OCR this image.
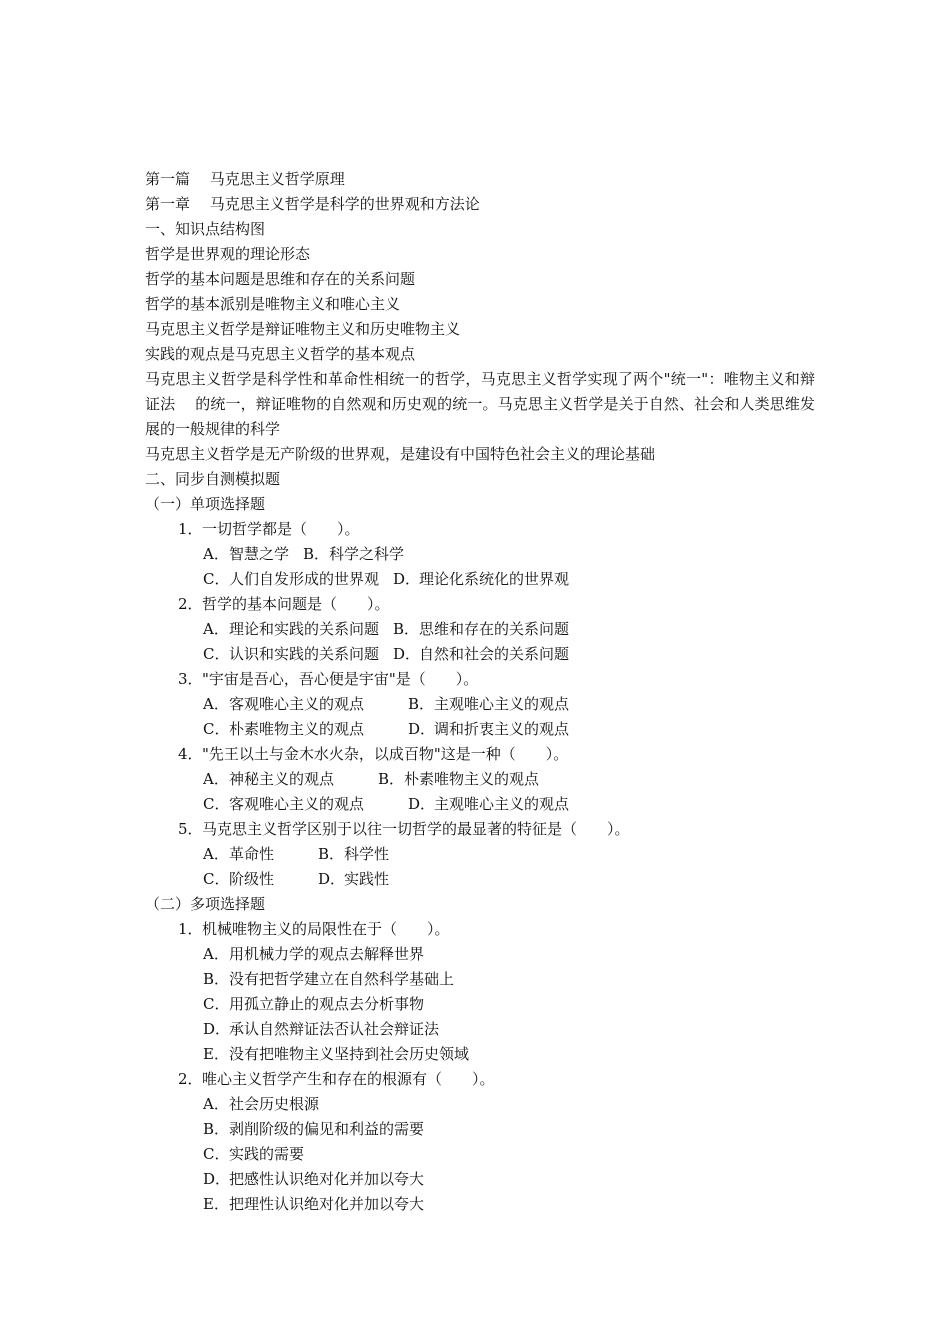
第一篇　 马克思主义哲学原理

第一章　 马克思主义哲学是科学的世界观和方法论

一、知识点结构图

哲学是世界观的理论形态

哲学的基本问题是思维和存在的关系问题

哲学的基本派别是唯物主义和唯心主义

马克思主义哲学是辩证唯物主义和历史唯物主义

实践的观点是马克思主义哲学的基本观点

马克思主义哲学是科学性和革命性相统一的哲学，马克思主义哲学实现了两个"统一"：唯物主义和辩证法　 的统一，辩证唯物的自然观和历史观的统一。马克思主义哲学是关于自然、社会和人类思维发展的一般规律的科学

马克思主义哲学是无产阶级的世界观，是建设有中国特色社会主义的理论基础

二、同步自测模拟题

（一）单项选择题

1．一切哲学都是（　　）。

A．智慧之学 B．科学之科学

C．人们自发形成的世界观 D．理论化系统化的世界观

2．哲学的基本问题是（　　）。

A．理论和实践的关系问题 B．思维和存在的关系问题

C．认识和实践的关系问题 D．自然和社会的关系问题

3．"宇宙是吾心，吾心便是宇宙"是（　　）。

A．客观唯心主义的观点　　B．主观唯心主义的观点

C．朴素唯物主义的观点　　D．调和折衷主义的观点

4．"先王以土与金木水火杂，以成百物"这是一种（　　）。

A．神秘主义的观点　　B．朴素唯物主义的观点

C．客观唯心主义的观点　　D．主观唯心主义的观点

5．马克思主义哲学区别于以往一切哲学的最显著的特征是（　　）。

A．革命性　　B．科学性

C．阶级性　　D．实践性

（二）多项选择题

1．机械唯物主义的局限性在于（　　）。

A．用机械力学的观点去解释世界

B．没有把哲学建立在自然科学基础上

C．用孤立静止的观点去分析事物

D．承认自然辩证法否认社会辩证法

E．没有把唯物主义坚持到社会历史领域

2．唯心主义哲学产生和存在的根源有（　　）。

A．社会历史根源

B．剥削阶级的偏见和利益的需要

C．实践的需要

D．把感性认识绝对化并加以夸大

E．把理性认识绝对化并加以夸大
